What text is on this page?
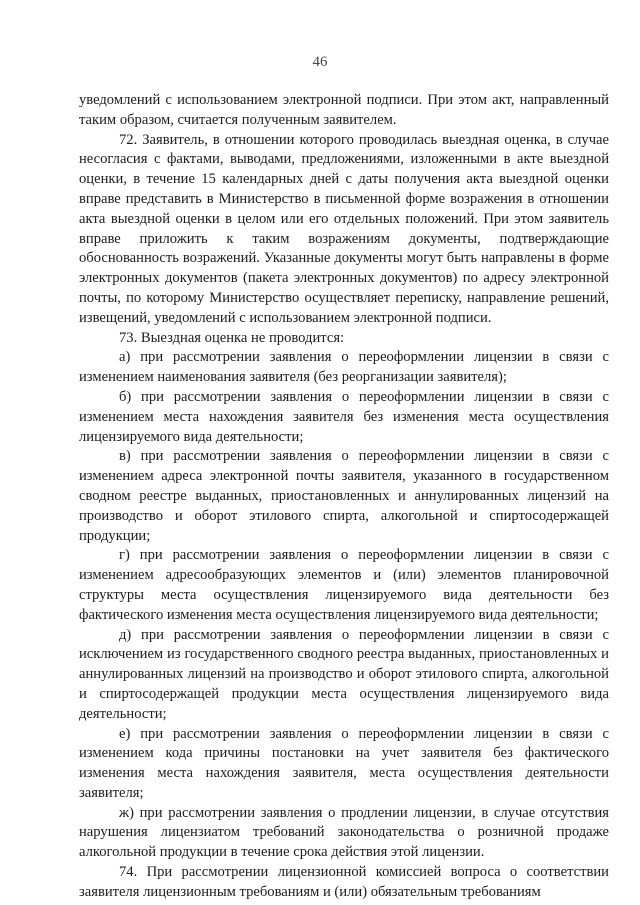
46

уведомлений с использованием электронной подписи. При этом акт, направленный таким образом, считается полученным заявителем.

72. Заявитель, в отношении которого проводилась выездная оценка, в случае несогласия с фактами, выводами, предложениями, изложенными в акте выездной оценки, в течение 15 календарных дней с даты получения акта выездной оценки вправе представить в Министерство в письменной форме возражения в отношении акта выездной оценки в целом или его отдельных положений. При этом заявитель вправе приложить к таким возражениям документы, подтверждающие обоснованность возражений. Указанные документы могут быть направлены в форме электронных документов (пакета электронных документов) по адресу электронной почты, по которому Министерство осуществляет переписку, направление решений, извещений, уведомлений с использованием электронной подписи.

73. Выездная оценка не проводится:

а) при рассмотрении заявления о переоформлении лицензии в связи с изменением наименования заявителя (без реорганизации заявителя);

б) при рассмотрении заявления о переоформлении лицензии в связи с изменением места нахождения заявителя без изменения места осуществления лицензируемого вида деятельности;

в) при рассмотрении заявления о переоформлении лицензии в связи с изменением адреса электронной почты заявителя, указанного в государственном сводном реестре выданных, приостановленных и аннулированных лицензий на производство и оборот этилового спирта, алкогольной и спиртосодержащей продукции;

г) при рассмотрении заявления о переоформлении лицензии в связи с изменением адресообразующих элементов и (или) элементов планировочной структуры места осуществления лицензируемого вида деятельности без фактического изменения места осуществления лицензируемого вида деятельности;

д) при рассмотрении заявления о переоформлении лицензии в связи с исключением из государственного сводного реестра выданных, приостановленных и аннулированных лицензий на производство и оборот этилового спирта, алкогольной и спиртосодержащей продукции места осуществления лицензируемого вида деятельности;

е) при рассмотрении заявления о переоформлении лицензии в связи с изменением кода причины постановки на учет заявителя без фактического изменения места нахождения заявителя, места осуществления деятельности заявителя;

ж) при рассмотрении заявления о продлении лицензии, в случае отсутствия нарушения лицензиатом требований законодательства о розничной продаже алкогольной продукции в течение срока действия этой лицензии.

74. При рассмотрении лицензионной комиссией вопроса о соответствии заявителя лицензионным требованиям и (или) обязательным требованиям
